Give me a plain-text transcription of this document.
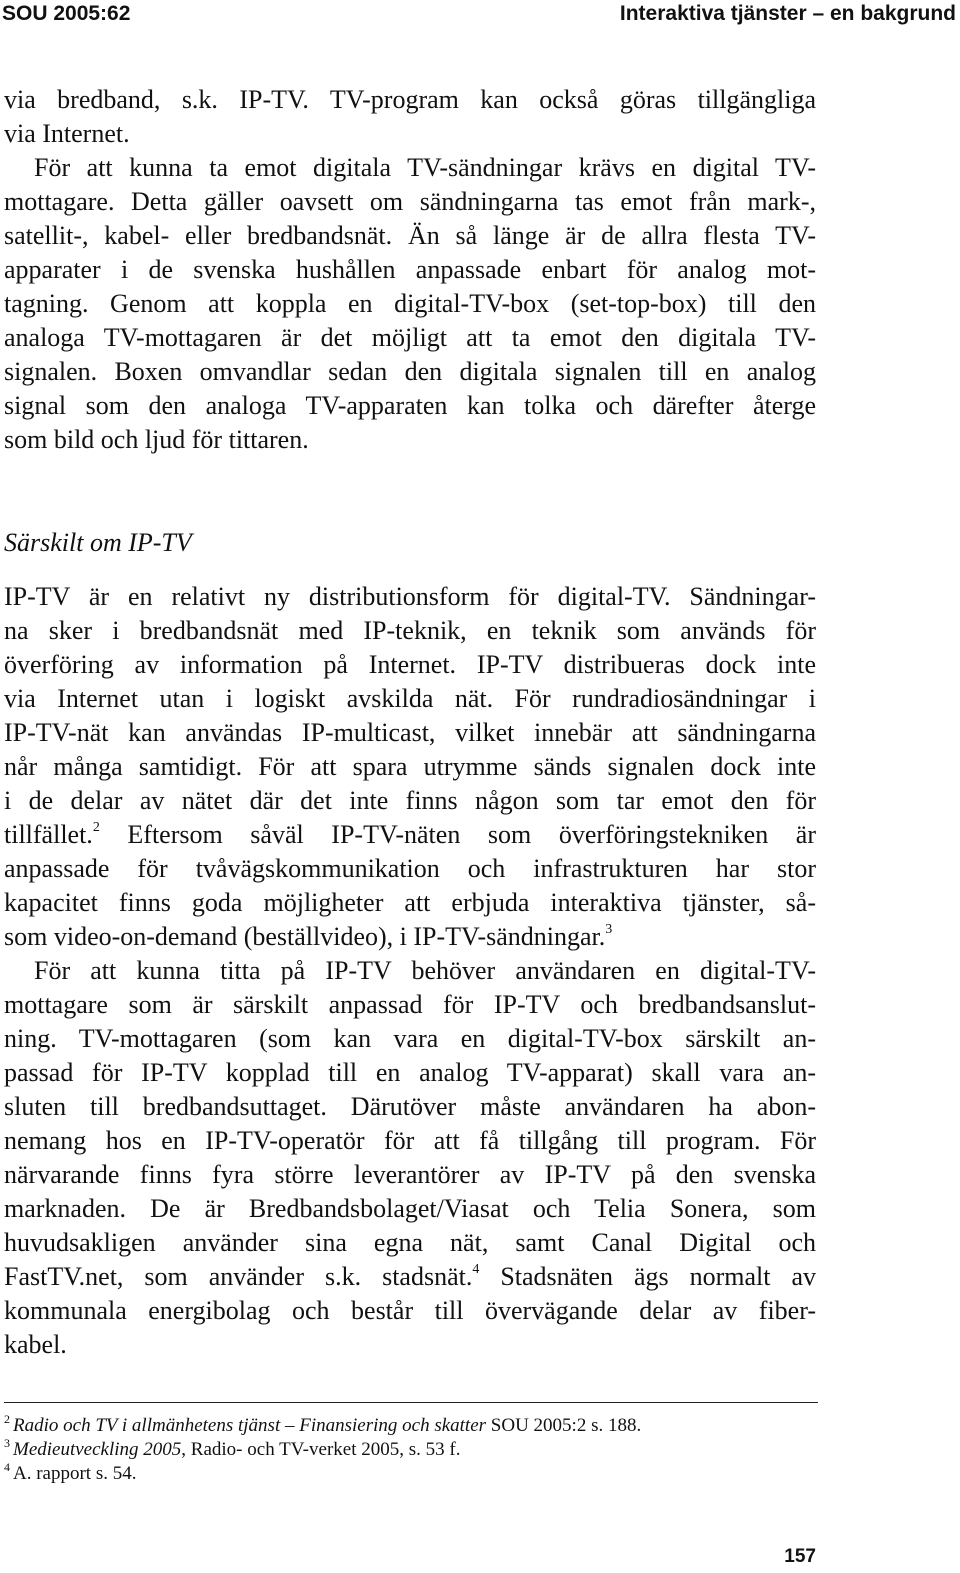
SOU 2005:62	Interaktiva tjänster – en bakgrund
via bredband, s.k. IP-TV. TV-program kan också göras tillgängliga
via Internet.
För att kunna ta emot digitala TV-sändningar krävs en digital TV-
mottagare. Detta gäller oavsett om sändningarna tas emot från mark-,
satellit-, kabel- eller bredbandsnät. Än så länge är de allra flesta TV-
apparater i de svenska hushållen anpassade enbart för analog mot-
tagning. Genom att koppla en digital-TV-box (set-top-box) till den
analoga TV-mottagaren är det möjligt att ta emot den digitala TV-
signalen. Boxen omvandlar sedan den digitala signalen till en analog
signal som den analoga TV-apparaten kan tolka och därefter återge
som bild och ljud för tittaren.
Särskilt om IP-TV
IP-TV är en relativt ny distributionsform för digital-TV. Sändningar-
na sker i bredbandsnät med IP-teknik, en teknik som används för
överföring av information på Internet. IP-TV distribueras dock inte
via Internet utan i logiskt avskilda nät. För rundradiosändningar i
IP-TV-nät kan användas IP-multicast, vilket innebär att sändningarna
når många samtidigt. För att spara utrymme sänds signalen dock inte
i de delar av nätet där det inte finns någon som tar emot den för
tillfället.$^2$ Eftersom såväl IP-TV-näten som överföringstekniken är
anpassade för tvåvägskommunikation och infrastrukturen har stor
kapacitet finns goda möjligheter att erbjuda interaktiva tjänster, så-
som video-on-demand (beställvideo), i IP-TV-sändningar.$^3$
För att kunna titta på IP-TV behöver användaren en digital-TV-
mottagare som är särskilt anpassad för IP-TV och bredbandsanslut-
ning. TV-mottagaren (som kan vara en digital-TV-box särskilt an-
passad för IP-TV kopplad till en analog TV-apparat) skall vara an-
sluten till bredbandsuttaget. Därutöver måste användaren ha abon-
nemang hos en IP-TV-operatör för att få tillgång till program. För
närvarande finns fyra större leverantörer av IP-TV på den svenska
marknaden. De är Bredbandsbolaget/Viasat och Telia Sonera, som
huvudsakligen använder sina egna nät, samt Canal Digital och
FastTV.net, som använder s.k. stadsnät.$^4$ Stadsnäten ägs normalt av
kommunala energibolag och består till övervägande delar av fiber-
kabel.
$^2$ Radio och TV i allmänhetens tjänst – Finansiering och skatter SOU 2005:2 s. 188.
$^3$ Medieutveckling 2005, Radio- och TV-verket 2005, s. 53 f.
$^4$ A. rapport s. 54.
157
